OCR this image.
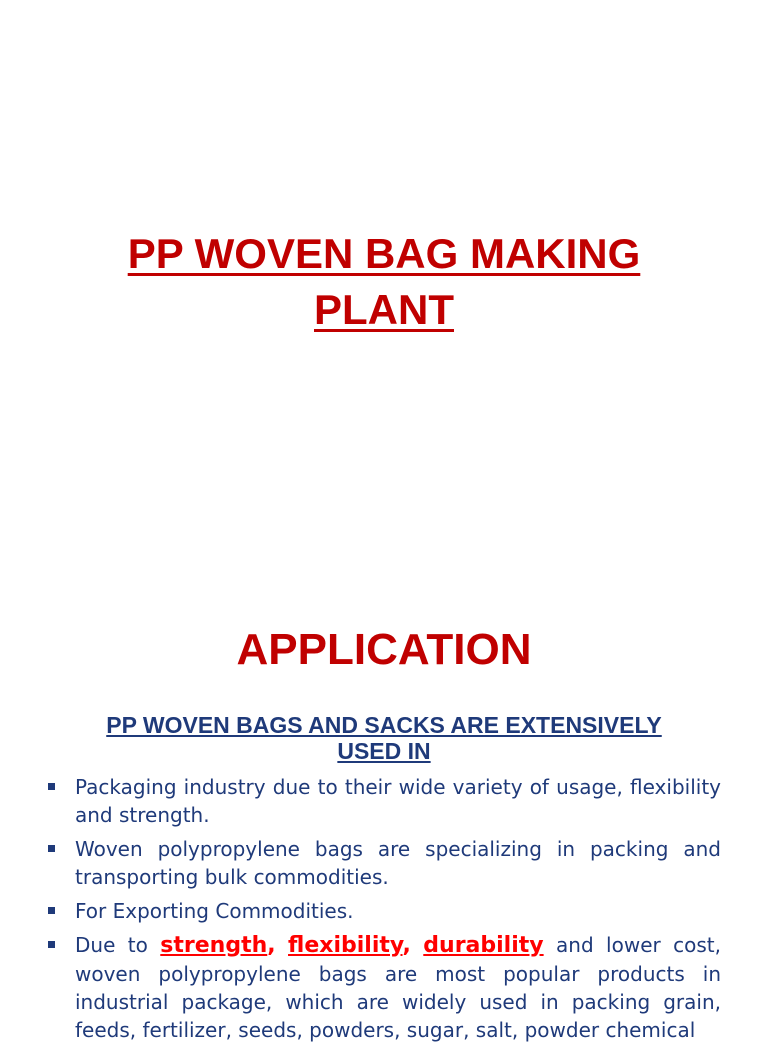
PP WOVEN BAG MAKING
PLANT
APPLICATION
PP WOVEN BAGS AND SACKS ARE EXTENSIVELY
USED IN
Packaging industry due to their wide variety of usage, flexibility and strength.
Woven polypropylene bags are specializing in packing and transporting bulk commodities.
For Exporting Commodities.
Due to strength, flexibility, durability and lower cost, woven polypropylene bags are most popular products in industrial package, which are widely used in packing grain, feeds, fertilizer, seeds, powders, sugar, salt, powder chemical
